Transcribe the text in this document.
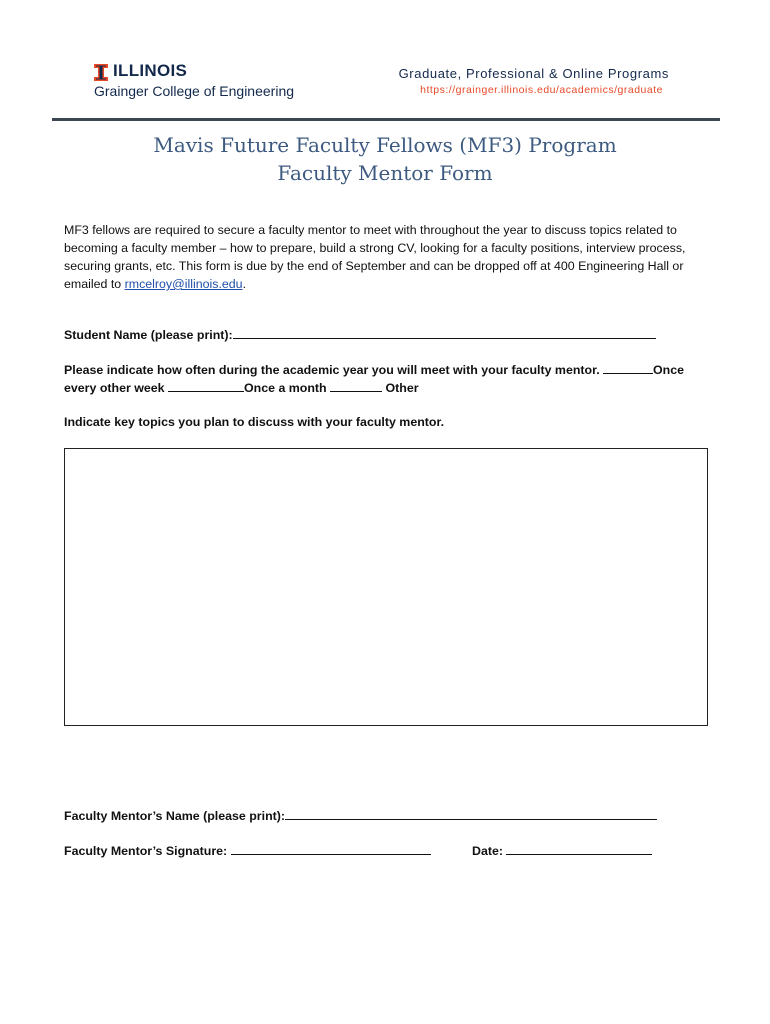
ILLINOIS
Grainger College of Engineering
Graduate, Professional & Online Programs
https://grainger.illinois.edu/academics/graduate
Mavis Future Faculty Fellows (MF3) Program
Faculty Mentor Form
MF3 fellows are required to secure a faculty mentor to meet with throughout the year to discuss topics related to becoming a faculty member – how to prepare, build a strong CV, looking for a faculty positions, interview process, securing grants, etc. This form is due by the end of September and can be dropped off at 400 Engineering Hall or emailed to rmcelroy@illinois.edu.
Student Name (please print):
Please indicate how often during the academic year you will meet with your faculty mentor.	Once
every other week	Once a month	Other
Indicate key topics you plan to discuss with your faculty mentor.
Faculty Mentor’s Name (please print):
Faculty Mentor’s Signature:	Date:
